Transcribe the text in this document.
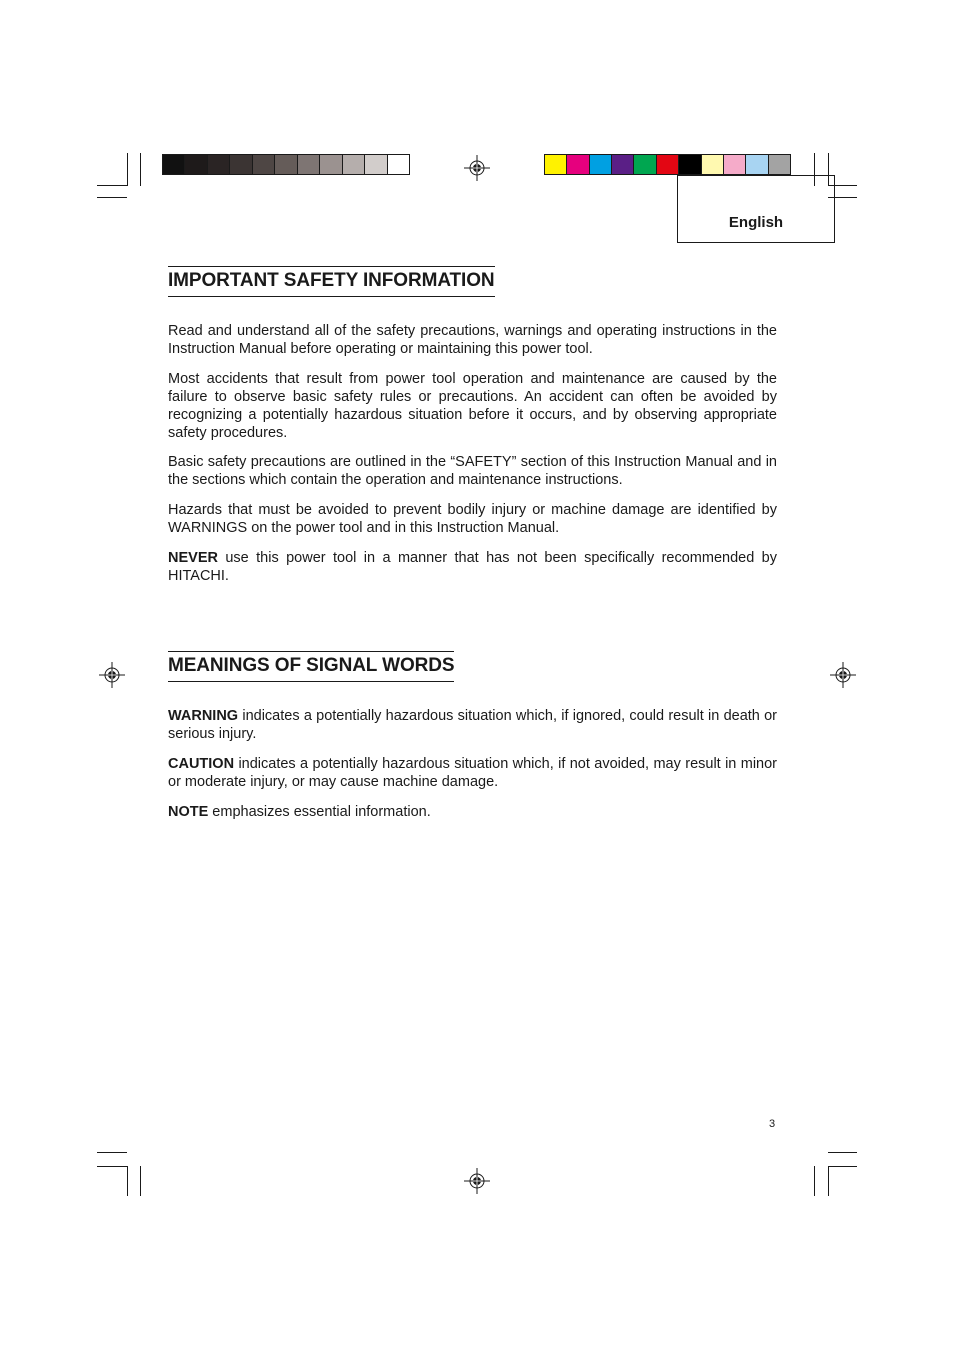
English
IMPORTANT SAFETY INFORMATION

Read and understand all of the safety precautions, warnings and operating instructions in the Instruction Manual before operating or maintaining this power tool.

Most accidents that result from power tool operation and maintenance are caused by the failure to observe basic safety rules or precautions. An accident can often be avoided by recognizing a potentially hazardous situation before it occurs, and by observing appropriate safety procedures.

Basic safety precautions are outlined in the “SAFETY” section of this Instruction Manual and in the sections which contain the operation and maintenance instructions.

Hazards that must be avoided to prevent bodily injury or machine damage are identified by WARNINGS on the power tool and in this Instruction Manual.

NEVER use this power tool in a manner that has not been specifically recommended by HITACHI.

MEANINGS OF SIGNAL WORDS

WARNING indicates a potentially hazardous situation which, if ignored, could result in death or serious injury.

CAUTION indicates a potentially hazardous situation which, if not avoided, may result in minor or moderate injury, or may cause machine damage.

NOTE emphasizes essential information.

3
